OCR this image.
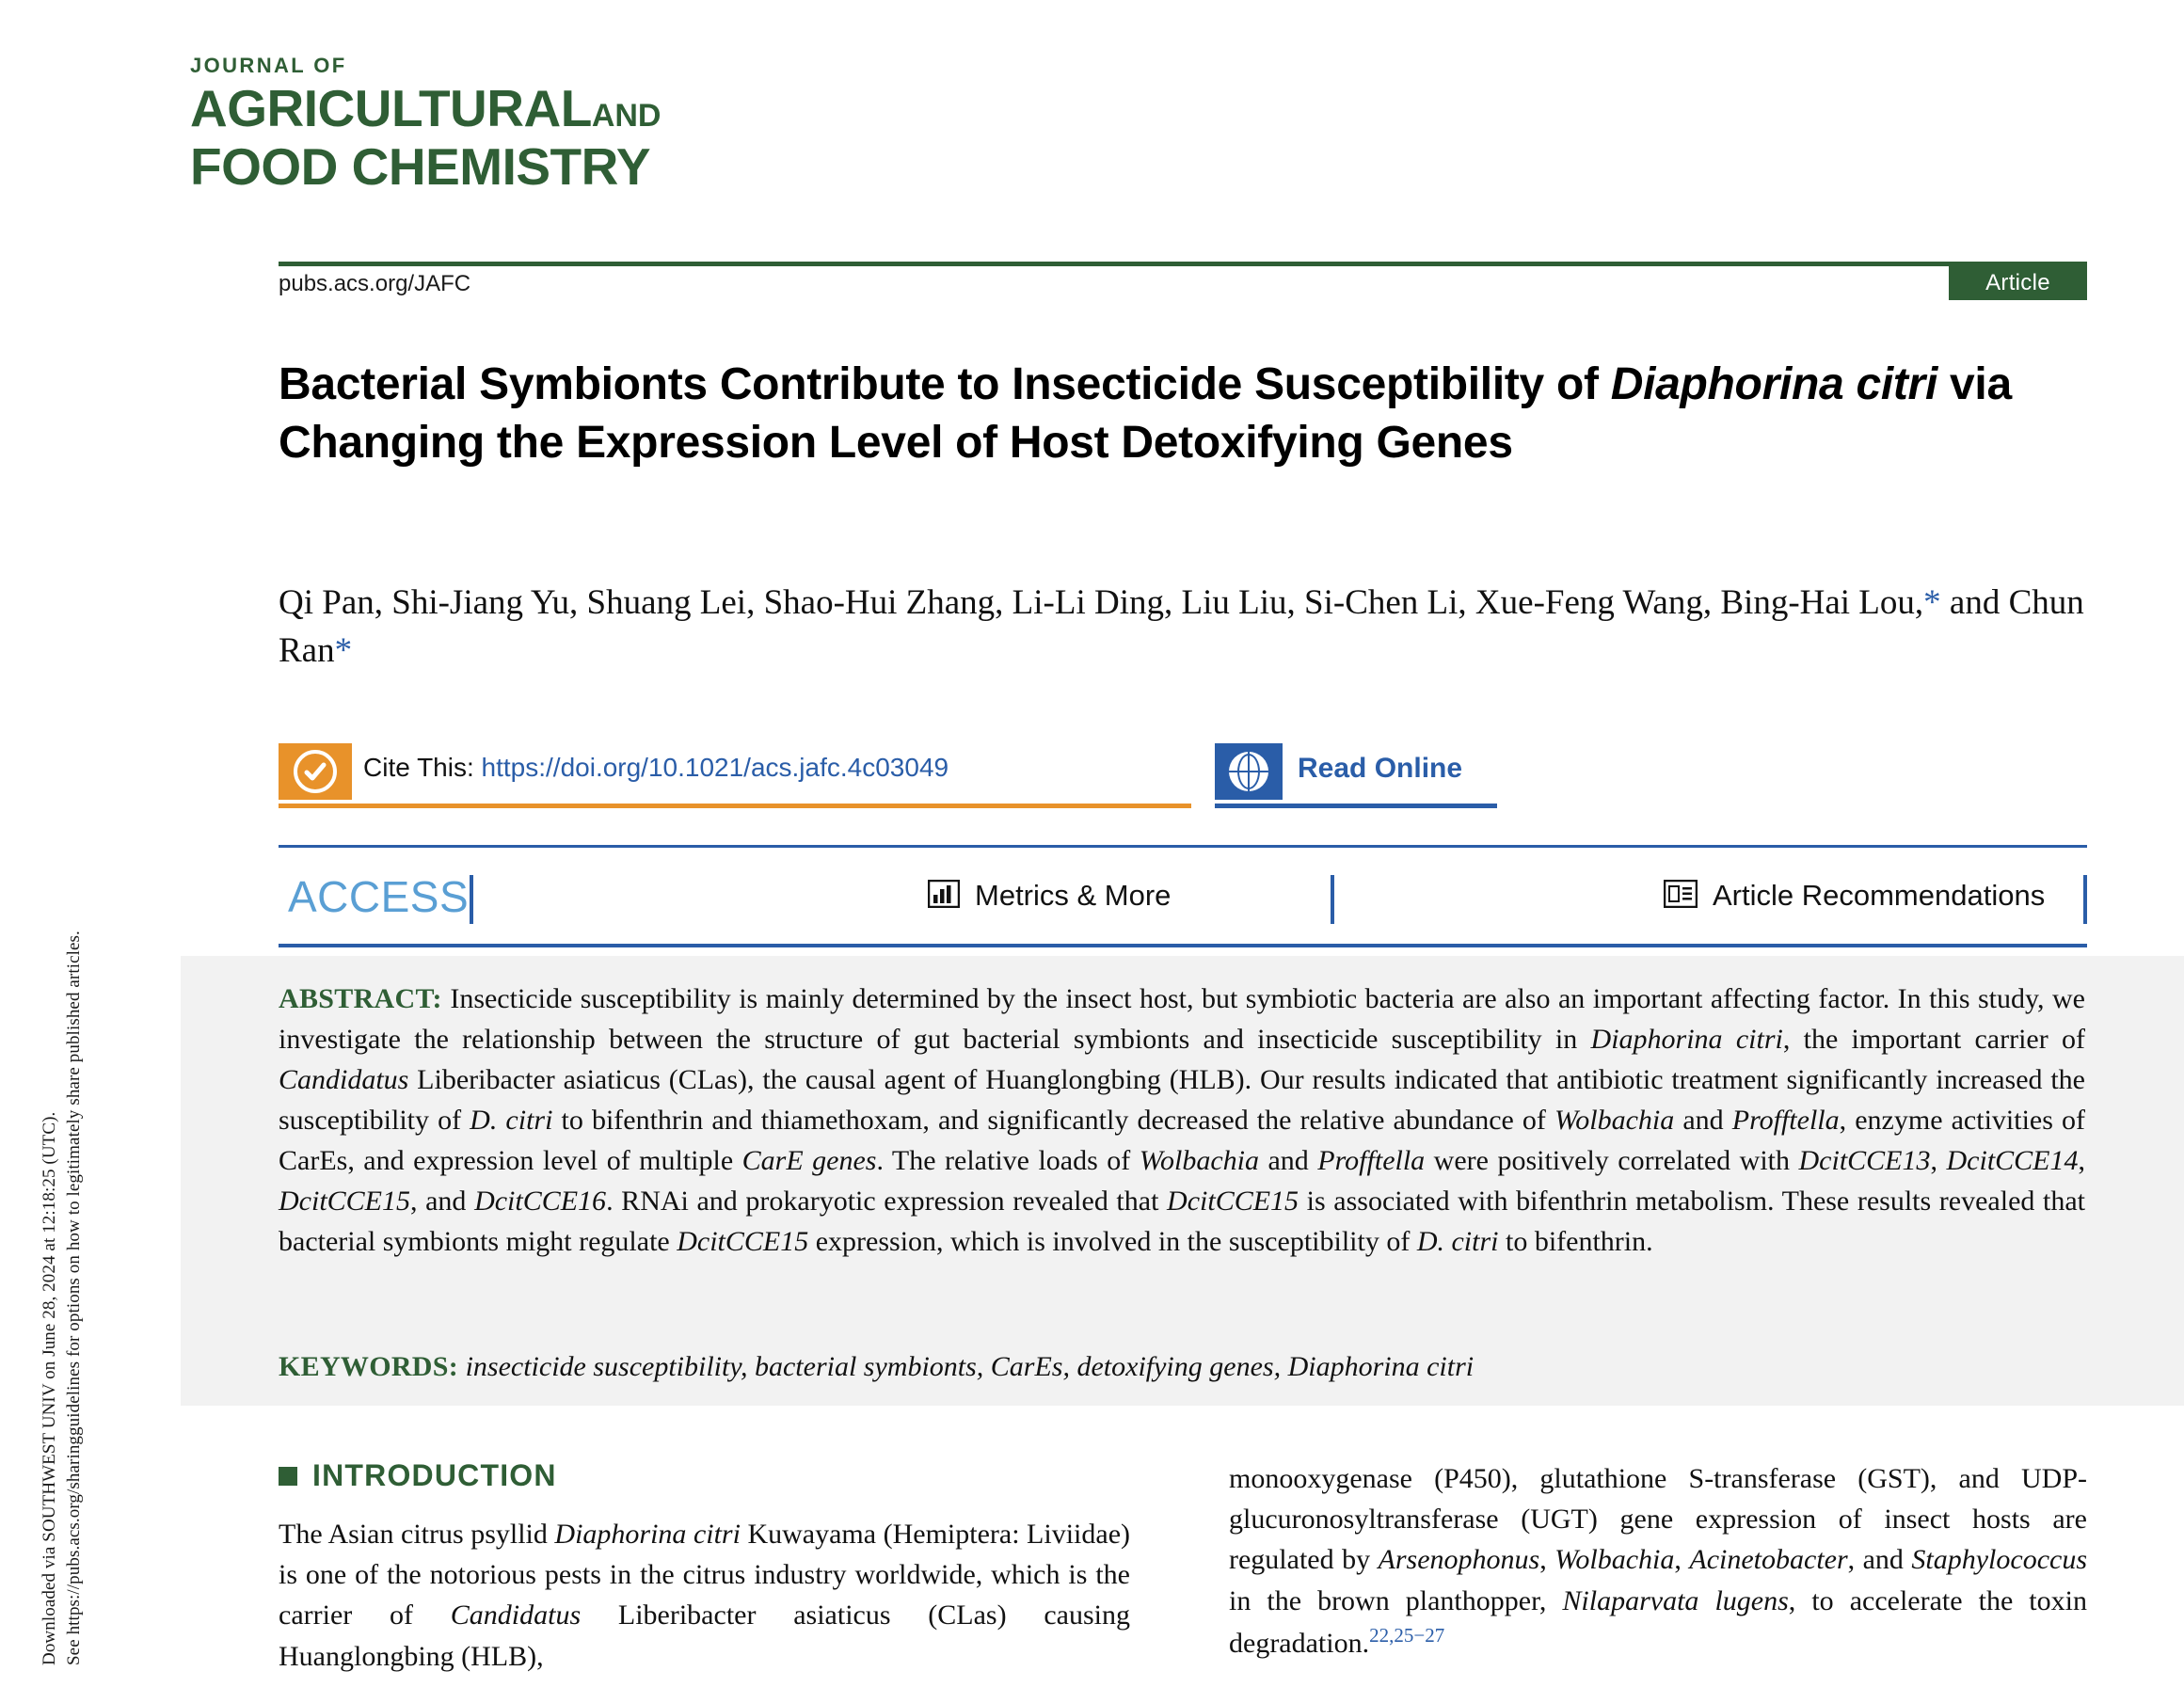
Downloaded via SOUTHWEST UNIV on June 28, 2024 at 12:18:25 (UTC). See https://pubs.acs.org/sharingguidelines for options on how to legitimately share published articles.
JOURNAL OF
AGRICULTURALAND
FOOD CHEMISTRY
pubs.acs.org/JAFC	Article
Bacterial Symbionts Contribute to Insecticide Susceptibility of Diaphorina citri via Changing the Expression Level of Host Detoxifying Genes
Qi Pan, Shi-Jiang Yu, Shuang Lei, Shao-Hui Zhang, Li-Li Ding, Liu Liu, Si-Chen Li, Xue-Feng Wang, Bing-Hai Lou,* and Chun Ran*
Cite This: https://doi.org/10.1021/acs.jafc.4c03049	Read Online
ACCESS	Metrics & More	Article Recommendations
ABSTRACT: Insecticide susceptibility is mainly determined by the insect host, but symbiotic bacteria are also an important affecting factor. In this study, we investigate the relationship between the structure of gut bacterial symbionts and insecticide susceptibility in Diaphorina citri, the important carrier of Candidatus Liberibacter asiaticus (CLas), the causal agent of Huanglongbing (HLB). Our results indicated that antibiotic treatment significantly increased the susceptibility of D. citri to bifenthrin and thiamethoxam, and significantly decreased the relative abundance of Wolbachia and Profftella, enzyme activities of CarEs, and expression level of multiple CarE genes. The relative loads of Wolbachia and Profftella were positively correlated with DcitCCE13, DcitCCE14, DcitCCE15, and DcitCCE16. RNAi and prokaryotic expression revealed that DcitCCE15 is associated with bifenthrin metabolism. These results revealed that bacterial symbionts might regulate DcitCCE15 expression, which is involved in the susceptibility of D. citri to bifenthrin.
KEYWORDS: insecticide susceptibility, bacterial symbionts, CarEs, detoxifying genes, Diaphorina citri
INTRODUCTION
The Asian citrus psyllid Diaphorina citri Kuwayama (Hemiptera: Liviidae) is one of the notorious pests in the citrus industry worldwide, which is the carrier of Candidatus Liberibacter asiaticus (CLas) causing Huanglongbing (HLB),
monooxygenase (P450), glutathione S-transferase (GST), and UDP-glucuronosyltransferase (UGT) gene expression of insect hosts are regulated by Arsenophonus, Wolbachia, Acinetobacter, and Staphylococcus in the brown planthopper, Nilaparvata lugens, to accelerate the toxin degradation.$^{22,25-27}$
